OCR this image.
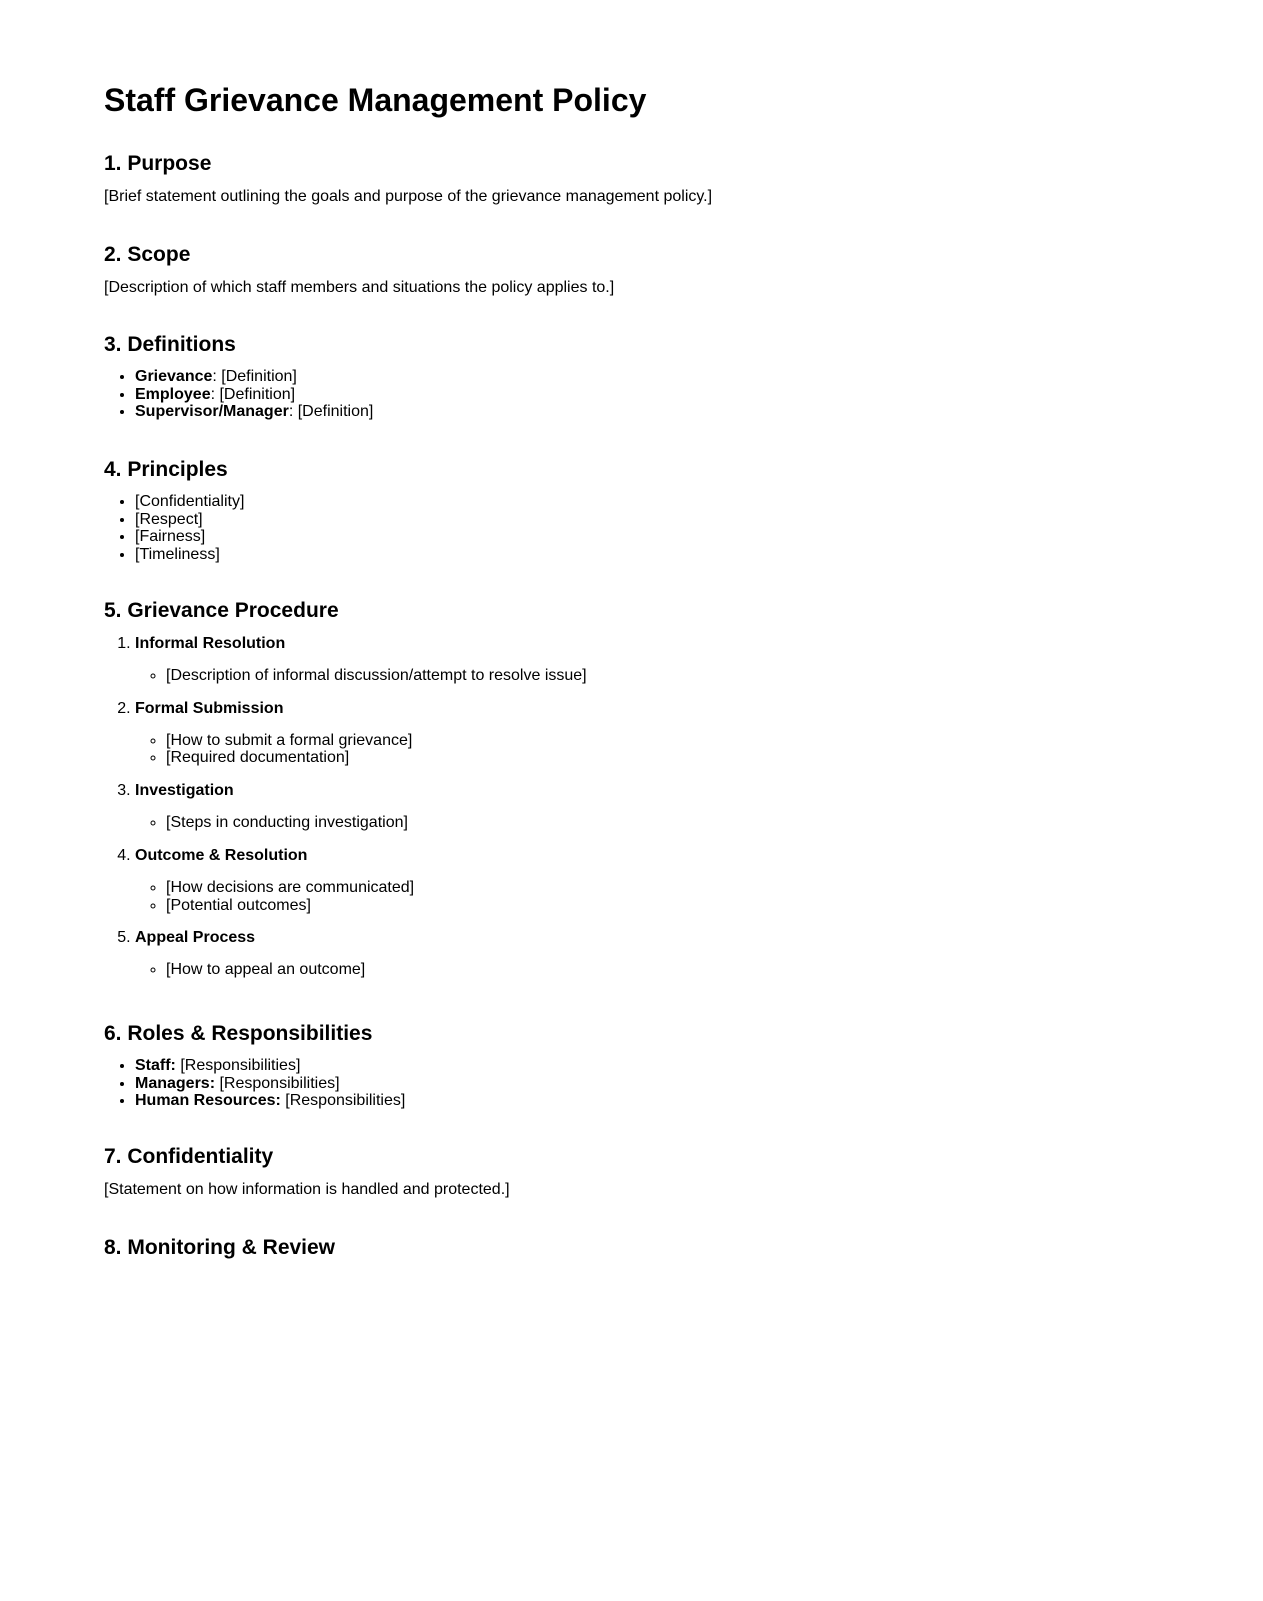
Staff Grievance Management Policy
1. Purpose

[Brief statement outlining the goals and purpose of the grievance management policy.]

2. Scope

[Description of which staff members and situations the policy applies to.]

3. Definitions
• Grievance: [Definition]
• Employee: [Definition]
• Supervisor/Manager: [Definition]
4. Principles
• [Confidentiality]
• [Respect]
• [Fairness]
• [Timeliness]
5. Grievance Procedure
1. Informal Resolution
◦ [Description of informal discussion/attempt to resolve issue]
2. Formal Submission
◦ [How to submit a formal grievance]
◦ [Required documentation]
3. Investigation
◦ [Steps in conducting investigation]
4. Outcome & Resolution
◦ [How decisions are communicated]
◦ [Potential outcomes]
5. Appeal Process
◦ [How to appeal an outcome]
6. Roles & Responsibilities
• Staff: [Responsibilities]
• Managers: [Responsibilities]
• Human Resources: [Responsibilities]
7. Confidentiality

[Statement on how information is handled and protected.]

8. Monitoring & Review
